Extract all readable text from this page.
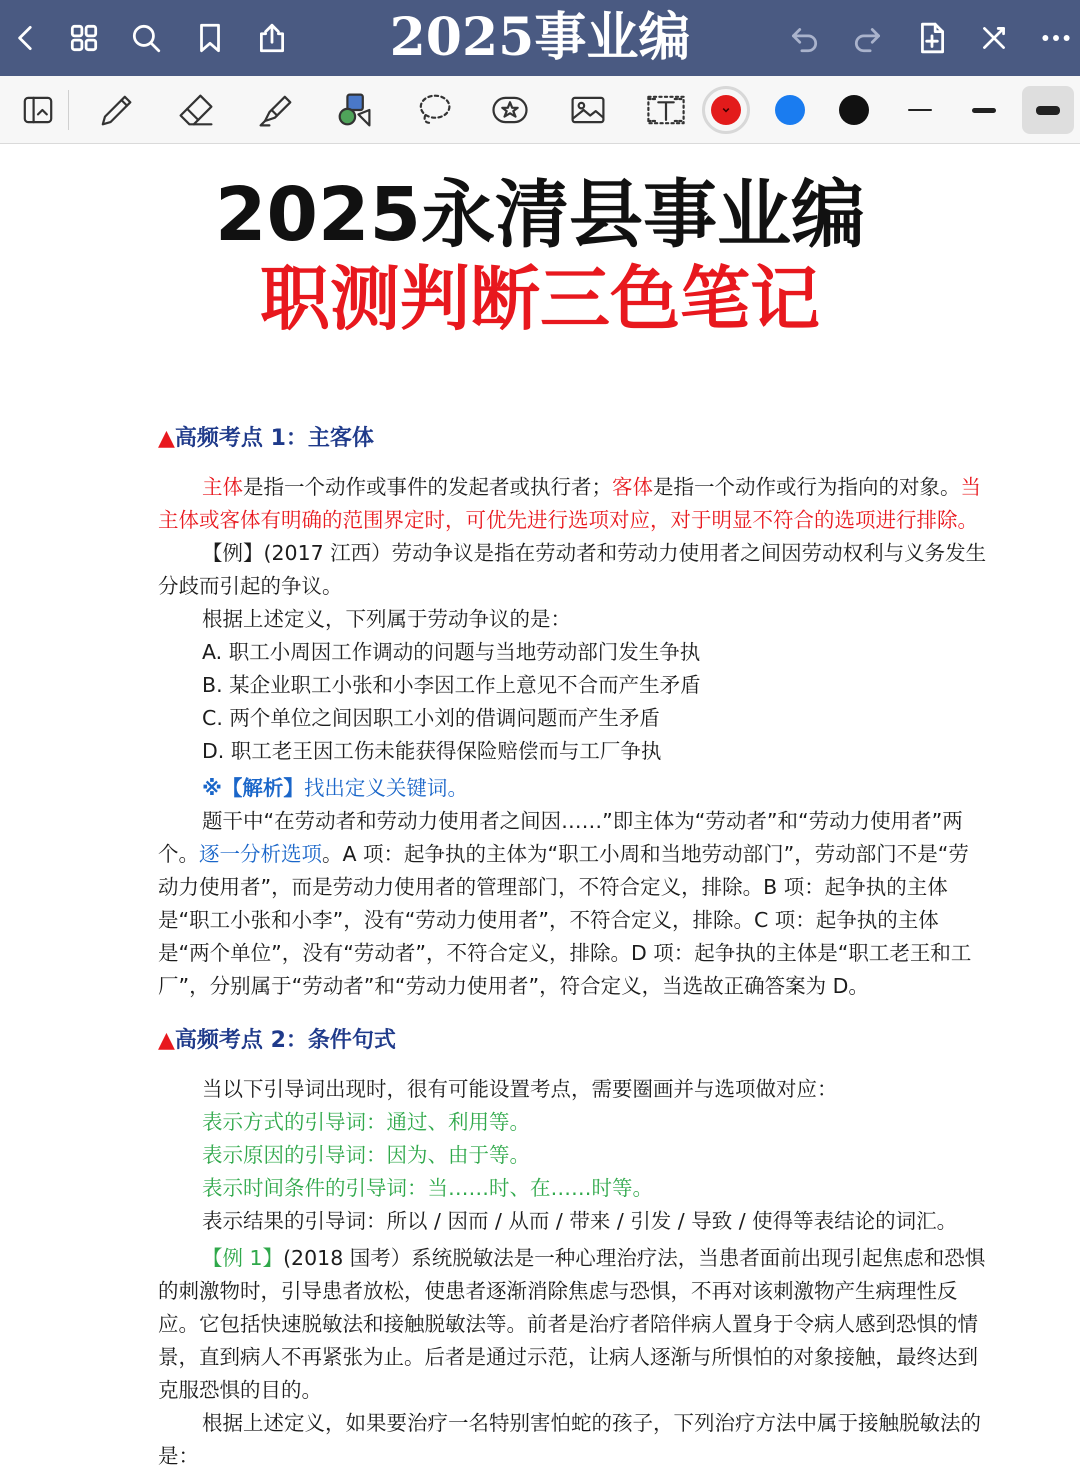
2025事业编
2025永清县事业编
职测判断三色笔记

▲高频考点 1：主客体

主体是指一个动作或事件的发起者或执行者；客体是指一个动作或行为指向的对象。当主体或客体有明确的范围界定时，可优先进行选项对应，对于明显不符合的选项进行排除。

【例】(2017 江西）劳动争议是指在劳动者和劳动力使用者之间因劳动权利与义务发生分歧而引起的争议。

根据上述定义，下列属于劳动争议的是：

A. 职工小周因工作调动的问题与当地劳动部门发生争执

B. 某企业职工小张和小李因工作上意见不合而产生矛盾

C. 两个单位之间因职工小刘的借调问题而产生矛盾

D. 职工老王因工伤未能获得保险赔偿而与工厂争执

※【解析】找出定义关键词。

题干中“在劳动者和劳动力使用者之间因……”即主体为“劳动者”和“劳动力使用者”两个。逐一分析选项。A 项：起争执的主体为“职工小周和当地劳动部门”，劳动部门不是“劳动力使用者”，而是劳动力使用者的管理部门，不符合定义，排除。B 项：起争执的主体是“职工小张和小李”，没有“劳动力使用者”，不符合定义，排除。C 项：起争执的主体是“两个单位”，没有“劳动者”，不符合定义，排除。D 项：起争执的主体是“职工老王和工厂”，分别属于“劳动者”和“劳动力使用者”，符合定义，当选故正确答案为 D。

▲高频考点 2：条件句式

当以下引导词出现时，很有可能设置考点，需要圈画并与选项做对应：

表示方式的引导词：通过、利用等。

表示原因的引导词：因为、由于等。

表示时间条件的引导词：当……时、在……时等。

表示结果的引导词：所以 / 因而 / 从而 / 带来 / 引发 / 导致 / 使得等表结论的词汇。

【例 1】(2018 国考）系统脱敏法是一种心理治疗法，当患者面前出现引起焦虑和恐惧的刺激物时，引导患者放松，使患者逐渐消除焦虑与恐惧，不再对该刺激物产生病理性反应。它包括快速脱敏法和接触脱敏法等。前者是治疗者陪伴病人置身于令病人感到恐惧的情景，直到病人不再紧张为止。后者是通过示范，让病人逐渐与所惧怕的对象接触，最终达到克服恐惧的目的。

根据上述定义，如果要治疗一名特别害怕蛇的孩子，下列治疗方法中属于接触脱敏法的是：
